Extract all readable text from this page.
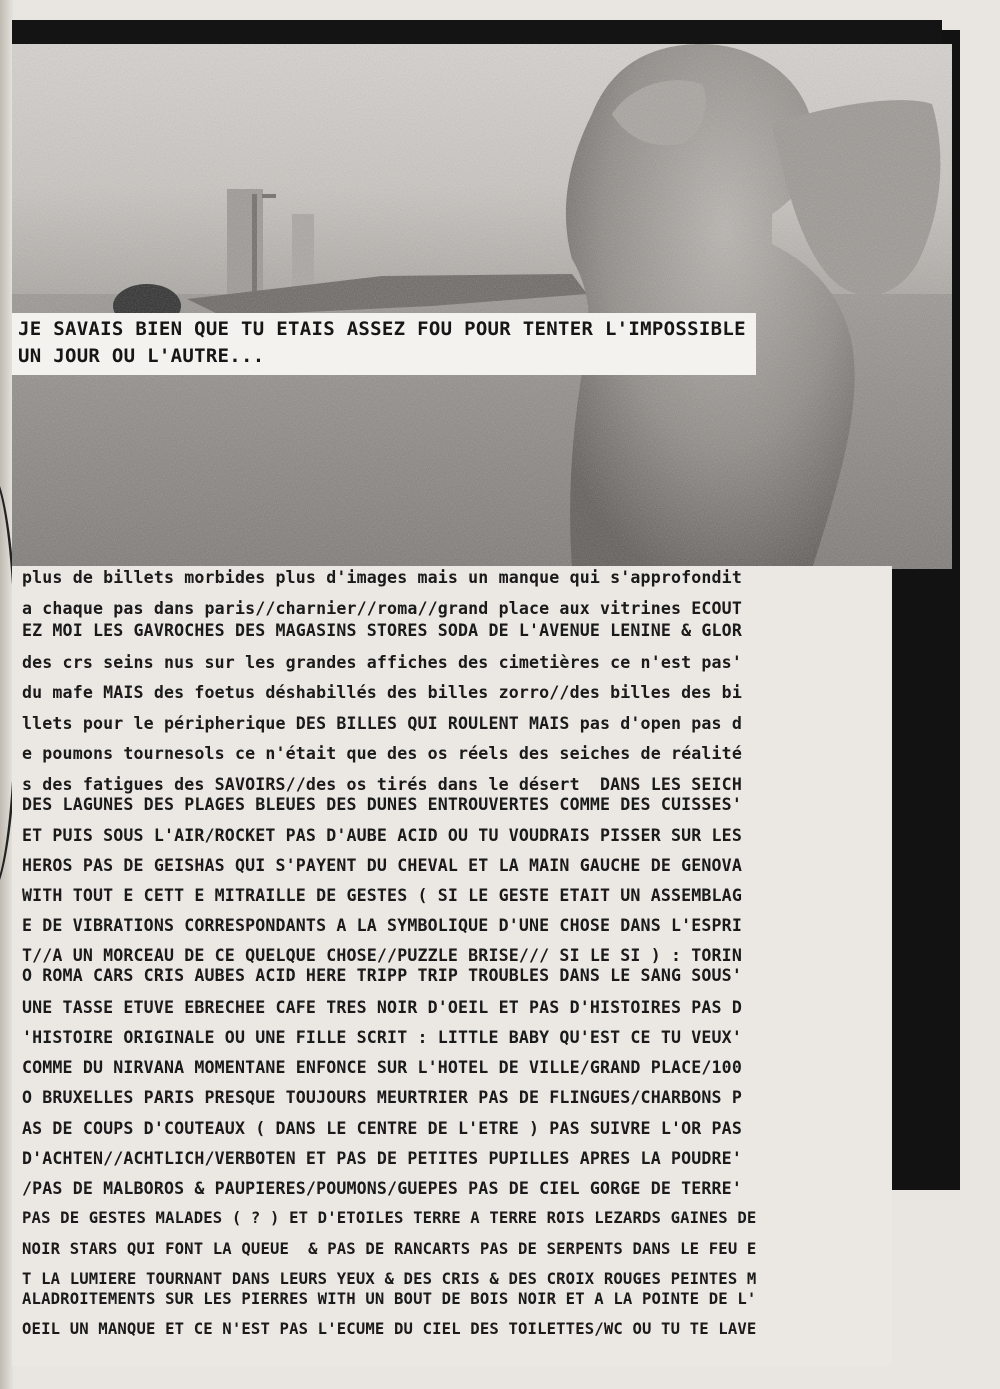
JE SAVAIS BIEN QUE TU ETAIS ASSEZ FOU POUR TENTER L'IMPOSSIBLE
UN JOUR OU L'AUTRE...
plus de billets morbides plus d'images mais un manque qui s'approfondit
a chaque pas dans paris//charnier//roma//grand place aux vitrines ECOUT
EZ MOI LES GAVROCHES DES MAGASINS STORES SODA DE L'AVENUE LENINE & GLOR
des crs seins nus sur les grandes affiches des cimetières ce n'est pas'
du mafe MAIS des foetus déshabillés des billes zorro//des billes des bi
llets pour le péripherique DES BILLES QUI ROULENT MAIS pas d'open pas d
e poumons tournesols ce n'était que des os réels des seiches de réalité
s des fatigues des SAVOIRS//des os tirés dans le désert  DANS LES SEICH
DES LAGUNES DES PLAGES BLEUES DES DUNES ENTROUVERTES COMME DES CUISSES'
ET PUIS SOUS L'AIR/ROCKET PAS D'AUBE ACID OU TU VOUDRAIS PISSER SUR LES
HEROS PAS DE GEISHAS QUI S'PAYENT DU CHEVAL ET LA MAIN GAUCHE DE GENOVA
WITH TOUT E CETT E MITRAILLE DE GESTES ( SI LE GESTE ETAIT UN ASSEMBLAG
E DE VIBRATIONS CORRESPONDANTS A LA SYMBOLIQUE D'UNE CHOSE DANS L'ESPRI
T//A UN MORCEAU DE CE QUELQUE CHOSE//PUZZLE BRISE/// SI LE SI ) : TORIN
O ROMA CARS CRIS AUBES ACID HERE TRIPP TRIP TROUBLES DANS LE SANG SOUS'
UNE TASSE ETUVE EBRECHEE CAFE TRES NOIR D'OEIL ET PAS D'HISTOIRES PAS D
'HISTOIRE ORIGINALE OU UNE FILLE SCRIT : LITTLE BABY QU'EST CE TU VEUX'
COMME DU NIRVANA MOMENTANE ENFONCE SUR L'HOTEL DE VILLE/GRAND PLACE/100
O BRUXELLES PARIS PRESQUE TOUJOURS MEURTRIER PAS DE FLINGUES/CHARBONS P
AS DE COUPS D'COUTEAUX ( DANS LE CENTRE DE L'ETRE ) PAS SUIVRE L'OR PAS
D'ACHTEN//ACHTLICH/VERBOTEN ET PAS DE PETITES PUPILLES APRES LA POUDRE'
/PAS DE MALBOROS & PAUPIERES/POUMONS/GUEPES PAS DE CIEL GORGE DE TERRE'
PAS DE GESTES MALADES ( ? ) ET D'ETOILES TERRE A TERRE ROIS LEZARDS GAINES DE
NOIR STARS QUI FONT LA QUEUE  & PAS DE RANCARTS PAS DE SERPENTS DANS LE FEU E
T LA LUMIERE TOURNANT DANS LEURS YEUX & DES CRIS & DES CROIX ROUGES PEINTES M
ALADROITEMENTS SUR LES PIERRES WITH UN BOUT DE BOIS NOIR ET A LA POINTE DE L'
OEIL UN MANQUE ET CE N'EST PAS L'ECUME DU CIEL DES TOILETTES/WC OU TU TE LAVE
